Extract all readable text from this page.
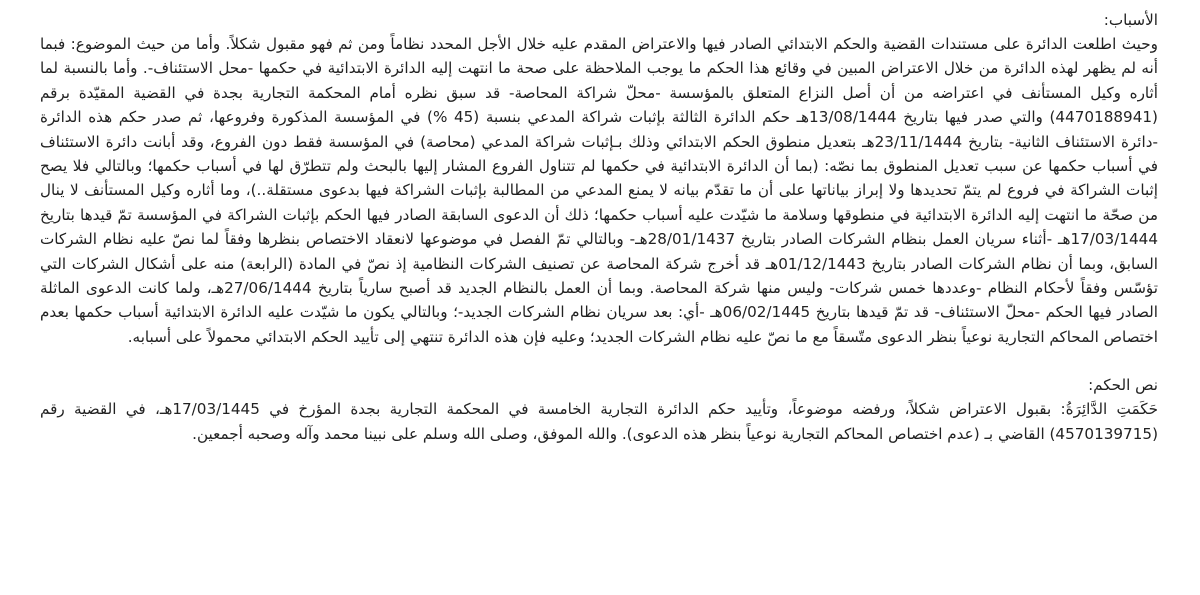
الأسباب:

وحيث اطلعت الدائرة على مستندات القضية والحكم الابتدائي الصادر فيها والاعتراض المقدم عليه خلال الأجل المحدد نظاماً ومن ثم فهو مقبول شكلاً. وأما من حيث الموضوع: فبما أنه لم يظهر لهذه الدائرة من خلال الاعتراض المبين في وقائع هذا الحكم ما يوجب الملاحظة على صحة ما انتهت إليه الدائرة الابتدائية في حكمها -محل الاستئناف-. وأما بالنسبة لما أثاره وكيل المستأنف في اعتراضه من أن أصل النزاع المتعلق بالمؤسسة -محلّ شراكة المحاصة- قد سبق نظره أمام المحكمة التجارية بجدة في القضية المقيّدة برقم (4470188941) والتي صدر فيها بتاريخ 13/08/1444هـ حكم الدائرة الثالثة بإثبات شراكة المدعي بنسبة (45 %) في المؤسسة المذكورة وفروعها، ثم صدر حكم هذه الدائرة -دائرة الاستئناف الثانية- بتاريخ 23/11/1444هـ بتعديل منطوق الحكم الابتدائي وذلك بـإثبات شراكة المدعي (محاصة) في المؤسسة فقط دون الفروع، وقد أبانت دائرة الاستئناف في أسباب حكمها عن سبب تعديل المنطوق بما نصّه: (بما أن الدائرة الابتدائية في حكمها لم تتناول الفروع المشار إليها بالبحث ولم تتطرّق لها في أسباب حكمها؛ وبالتالي فلا يصح إثبات الشراكة في فروع لم يتمّ تحديدها ولا إبراز بياناتها على أن ما تقدّم بيانه لا يمنع المدعي من المطالبة بإثبات الشراكة فيها بدعوى مستقلة..)، وما أثاره وكيل المستأنف لا ينال من صحّة ما انتهت إليه الدائرة الابتدائية في منطوقها وسلامة ما شيّدت عليه أسباب حكمها؛ ذلك أن الدعوى السابقة الصادر فيها الحكم بإثبات الشراكة في المؤسسة تمّ قيدها بتاريخ 17/03/1444هـ -أثناء سريان العمل بنظام الشركات الصادر بتاريخ 28/01/1437هـ- وبالتالي تمّ الفصل في موضوعها لانعقاد الاختصاص بنظرها وفقاً لما نصّ عليه نظام الشركات السابق، وبما أن نظام الشركات الصادر بتاريخ 01/12/1443هـ قد أخرج شركة المحاصة عن تصنيف الشركات النظامية إذ نصّ في المادة (الرابعة) منه على أشكال الشركات التي تؤسّس وفقاً لأحكام النظام -وعددها خمس شركات- وليس منها شركة المحاصة. وبما أن العمل بالنظام الجديد قد أصبح سارياً بتاريخ 27/06/1444هـ، ولما كانت الدعوى الماثلة الصادر فيها الحكم -محلّ الاستئناف- قد تمّ قيدها بتاريخ 06/02/1445هـ -أي: بعد سريان نظام الشركات الجديد-؛ وبالتالي يكون ما شيّدت عليه الدائرة الابتدائية أسباب حكمها بعدم اختصاص المحاكم التجارية نوعياً بنظر الدعوى متّسقاً مع ما نصّ عليه نظام الشركات الجديد؛ وعليه فإن هذه الدائرة تنتهي إلى تأييد الحكم الابتدائي محمولاً على أسبابه.

نص الحكم:

حَكَمَتِ الدَّائِرَةُ: بقبول الاعتراض شكلاً، ورفضه موضوعاً، وتأييد حكم الدائرة التجارية الخامسة في المحكمة التجارية بجدة المؤرخ في 17/03/1445هـ، في القضية رقم (4570139715) القاضي بـ (عدم اختصاص المحاكم التجارية نوعياً بنظر هذه الدعوى). والله الموفق، وصلى الله وسلم على نبينا محمد وآله وصحبه أجمعين.
